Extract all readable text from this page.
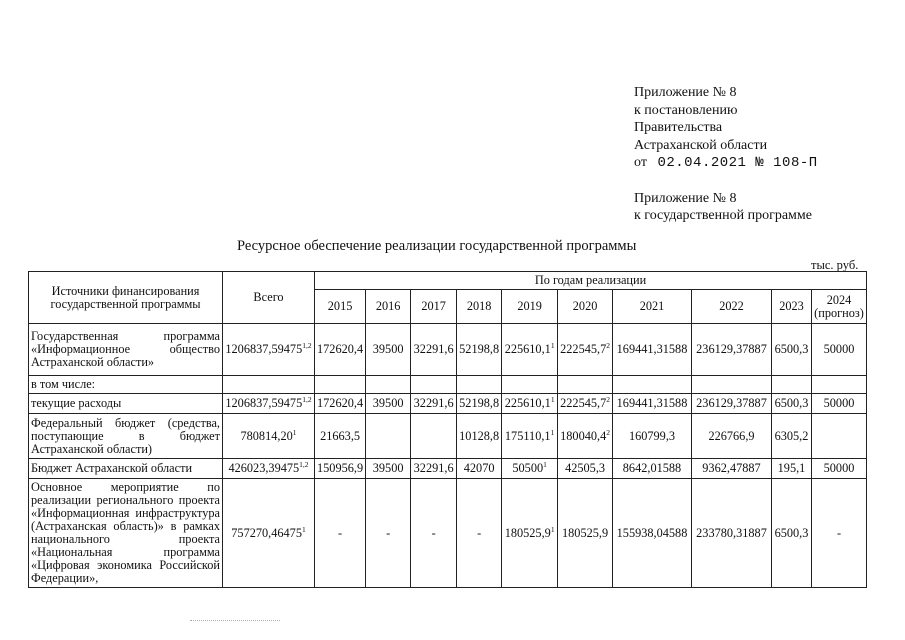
Приложение № 8
к постановлению
Правительства
Астраханской области
от 02.04.2021 № 108-П
Приложение № 8
к государственной программе
Ресурсное обеспечение реализации государственной программы
тыс. руб.
Источники финансирования государственной программы	Всего	По годам реализации									
		2015	2016	2017	2018	2019	2020	2021	2022	2023	2024 (прогноз)
Государственная программа «Информационное общество Астраханской области»	1206837,59475$^{1,2}$	172620,4	39500	32291,6	52198,8	225610,1$^1$	222545,7$^2$	169441,31588	236129,37887	6500,3	50000
в том числе:											
текущие расходы	1206837,59475$^{1,2}$	172620,4	39500	32291,6	52198,8	225610,1$^1$	222545,7$^2$	169441,31588	236129,37887	6500,3	50000
Федеральный бюджет (средства, поступающие в бюджет Астраханской области)	780814,20$^1$	21663,5			10128,8	175110,1$^1$	180040,4$^2$	160799,3	226766,9	6305,2	
Бюджет Астраханской области	426023,39475$^{1,2}$	150956,9	39500	32291,6	42070	50500$^1$	42505,3	8642,01588	9362,47887	195,1	50000
Основное мероприятие по реализации регионального проекта «Информационная инфраструктура (Астраханская область)» в рамках национального проекта «Национальная программа «Цифровая экономика Российской Федерации»,	757270,46475$^1$	-	-	-	-	180525,9$^1$	180525,9	155938,04588	233780,31887	6500,3	-
